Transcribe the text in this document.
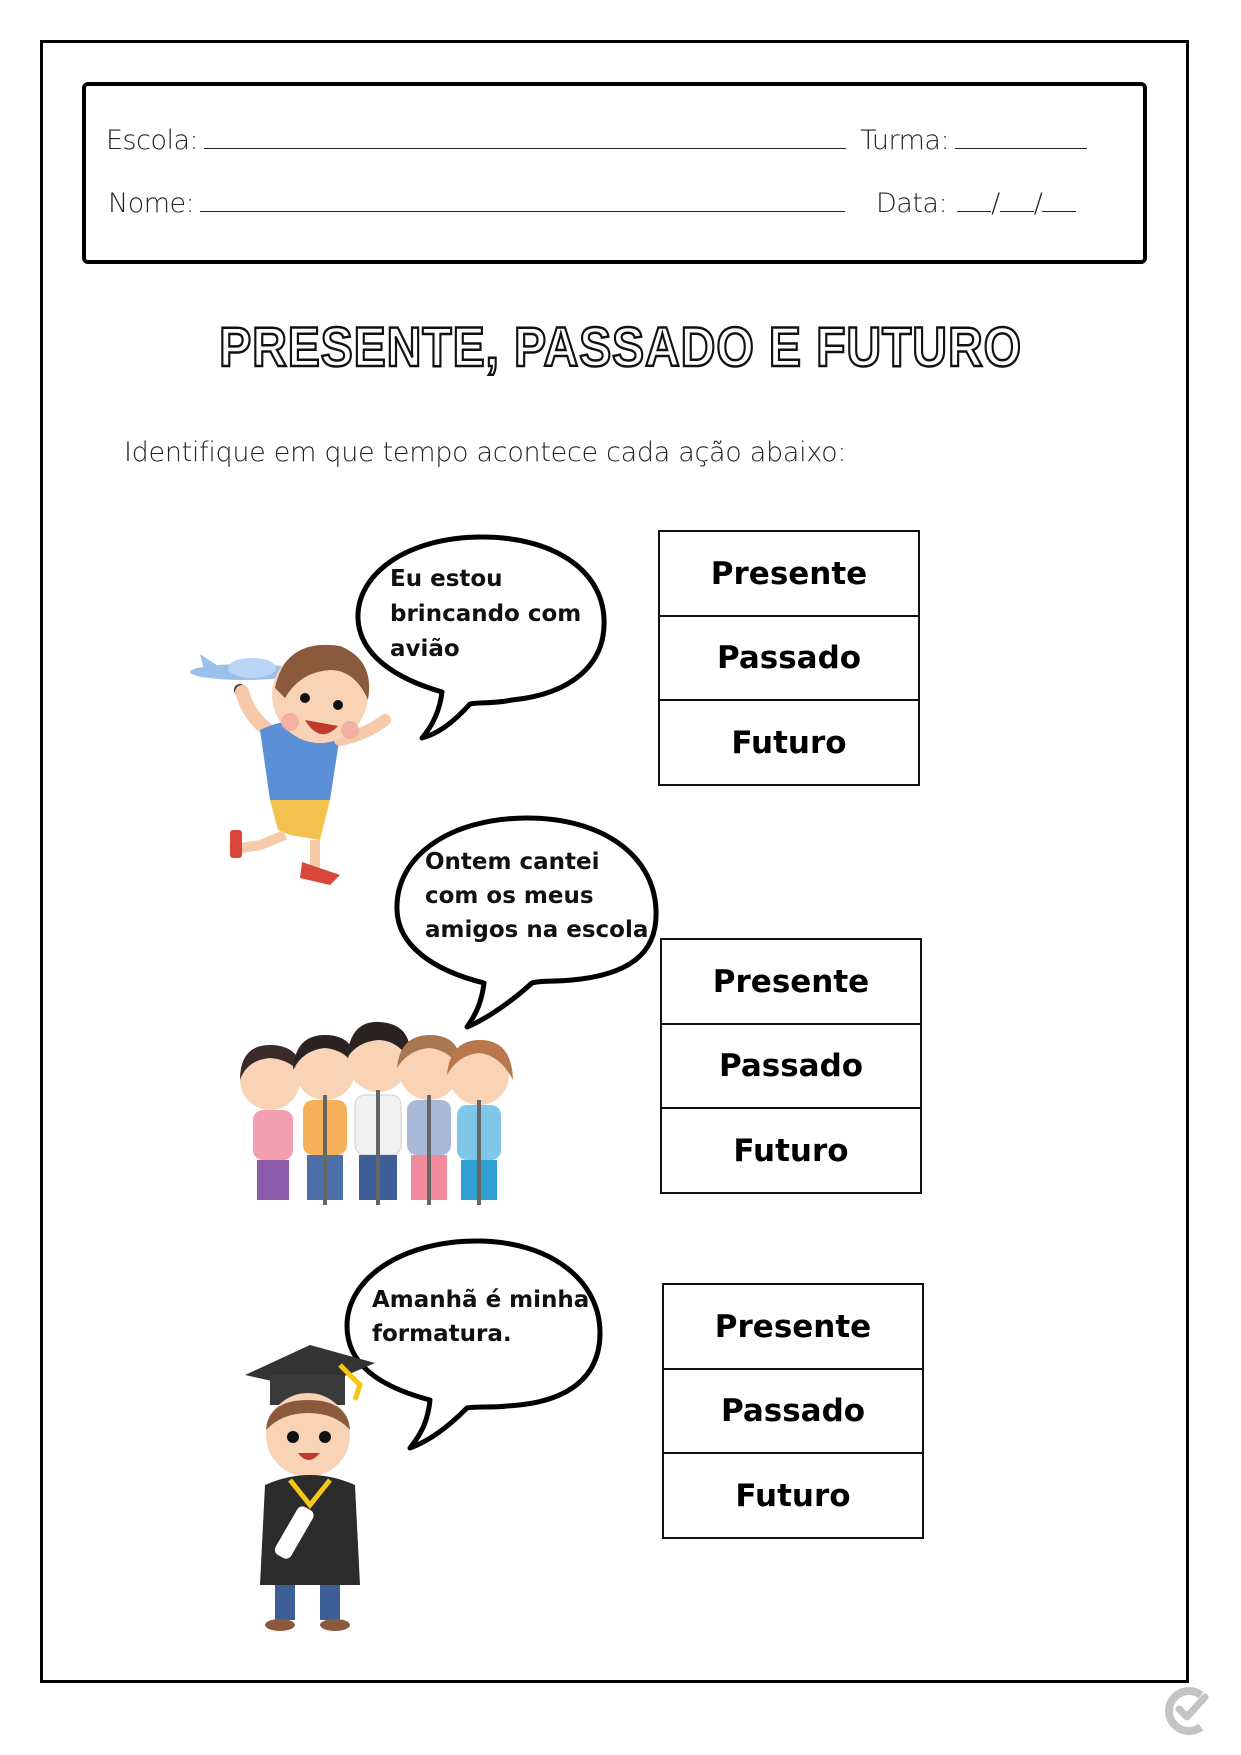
Escola:	Turma:
Nome:	Data: / /
PRESENTE, PASSADO E FUTURO
Identifique em que tempo acontece cada ação abaixo:
Eu estou
brincando com
avião
Presente
Passado
Futuro
Ontem cantei
com os meus
amigos na escola
Presente
Passado
Futuro
Amanhã é minha
formatura.	Presente
Passado
Futuro
